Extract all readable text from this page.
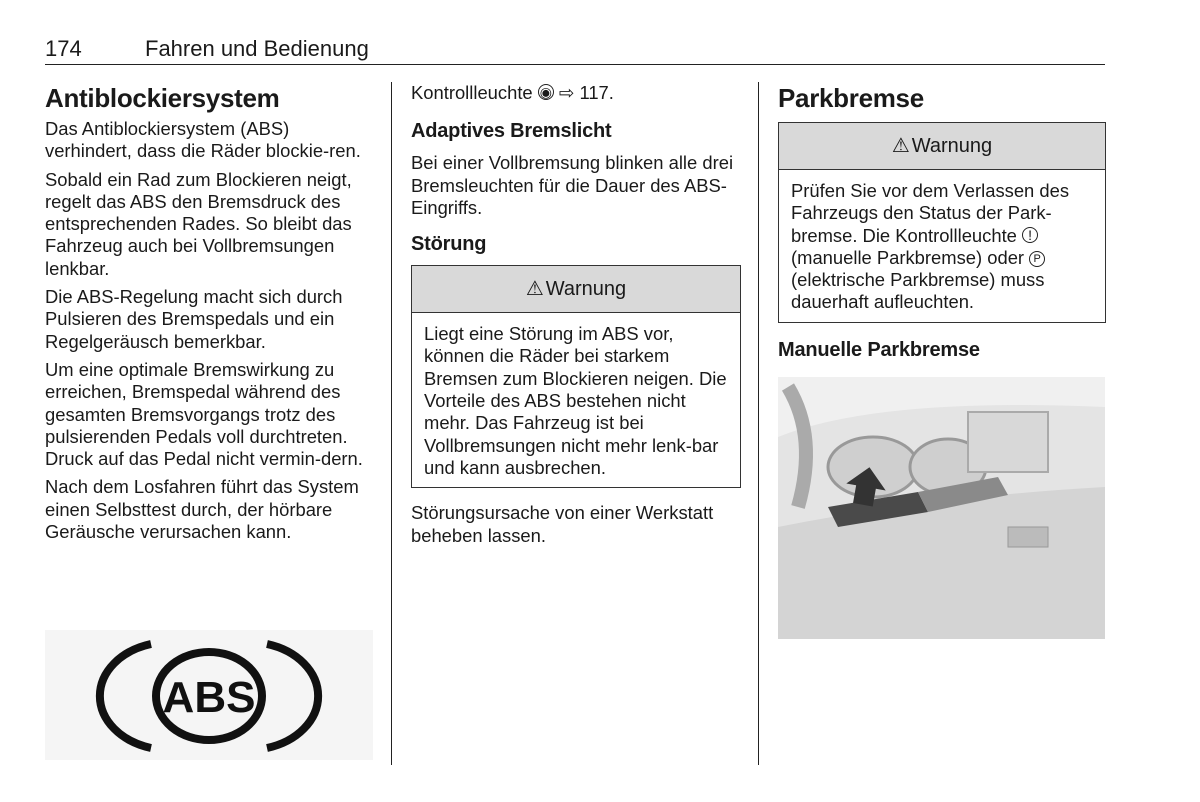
174	Fahren und Bedienung
Antiblockiersystem

Das Antiblockiersystem (ABS) verhindert, dass die Räder blockie-ren.

Sobald ein Rad zum Blockieren neigt, regelt das ABS den Bremsdruck des entsprechenden Rades. So bleibt das Fahrzeug auch bei Vollbremsungen lenkbar.

Die ABS-Regelung macht sich durch Pulsieren des Bremspedals und ein Regelgeräusch bemerkbar.

Um eine optimale Bremswirkung zu erreichen, Bremspedal während des gesamten Bremsvorgangs trotz des pulsierenden Pedals voll durchtreten. Druck auf das Pedal nicht vermin-dern.

Nach dem Losfahren führt das System einen Selbsttest durch, der hörbare Geräusche verursachen kann.

ABS

Kontrollleuchte ◉ ⇨ 117.

Adaptives Bremslicht

Bei einer Vollbremsung blinken alle drei Bremsleuchten für die Dauer des ABS-Eingriffs.

Störung
⚠ Warnung

Liegt eine Störung im ABS vor, können die Räder bei starkem Bremsen zum Blockieren neigen. Die Vorteile des ABS bestehen nicht mehr. Das Fahrzeug ist bei Vollbremsungen nicht mehr lenk-bar und kann ausbrechen.

Störungsursache von einer Werkstatt beheben lassen.

Parkbremse
⚠ Warnung

Prüfen Sie vor dem Verlassen des Fahrzeugs den Status der Park-bremse. Die Kontrollleuchte ! (manuelle Parkbremse) oder P (elektrische Parkbremse) muss dauerhaft aufleuchten.

Manuelle Parkbremse
